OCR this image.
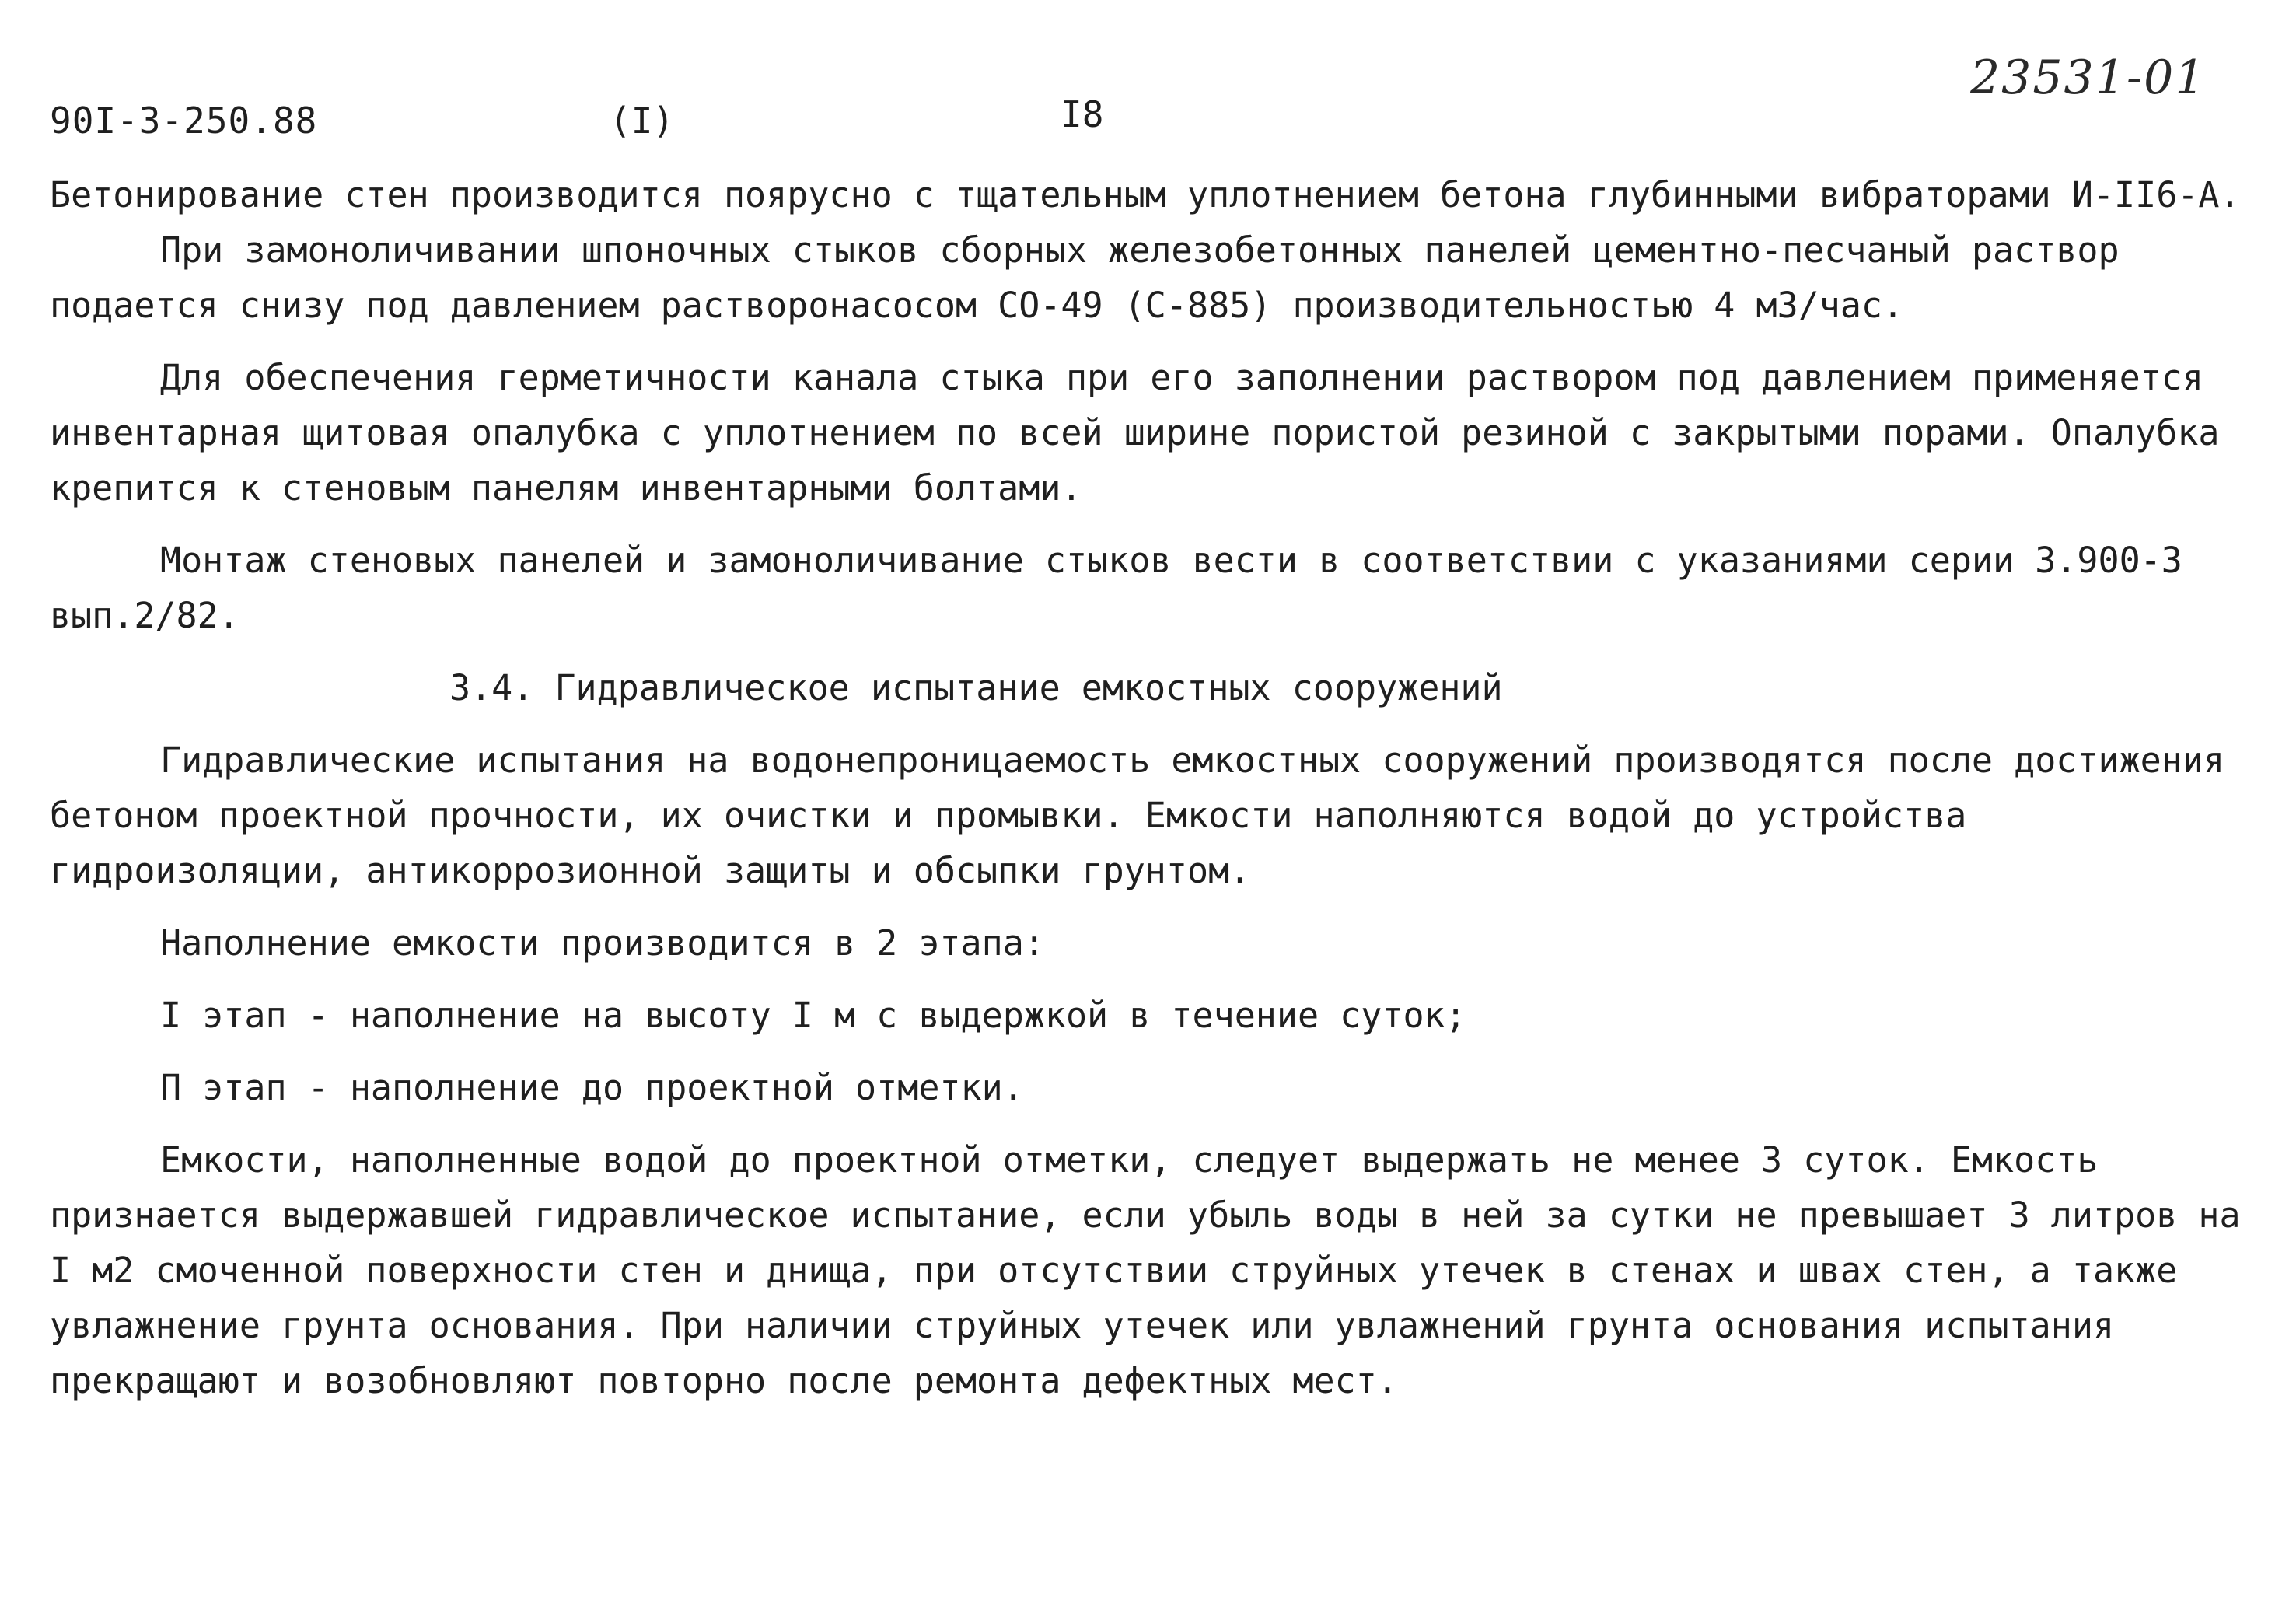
90I-3-250.88	(I)	I8
23531-01

Бетонирование стен производится поярусно с тщательным уплотнением бетона глубинными вибраторами И-II6-А.

При замоноличивании шпоночных стыков сборных железобетонных панелей цементно-песчаный раствор подается снизу под давлением растворонасосом СО-49 (С-885) производительностью 4 м3/час.

Для обеспечения герметичности канала стыка при его заполнении раствором под давлением применяется инвентарная щитовая опалубка с уплотнением по всей ширине пористой резиной с закрытыми порами. Опалубка крепится к стеновым панелям инвентарными болтами.

Монтаж стеновых панелей и замоноличивание стыков вести в соответствии с указаниями серии 3.900-3 вып.2/82.

3.4. Гидравлическое испытание емкостных сооружений

Гидравлические испытания на водонепроницаемость емкостных сооружений производятся после достижения бетоном проектной прочности, их очистки и промывки. Емкости наполняются водой до устройства гидроизоляции, антикоррозионной защиты и обсыпки грунтом.

Наполнение емкости производится в 2 этапа:

I этап - наполнение на высоту I м с выдержкой в течение суток;

П этап - наполнение до проектной отметки.

Емкости, наполненные водой до проектной отметки, следует выдержать не менее 3 суток. Емкость признается выдержавшей гидравлическое испытание, если убыль воды в ней за сутки не превышает 3 литров на I м2 смоченной поверхности стен и днища, при отсутствии струйных утечек в стенах и швах стен, а также увлажнение грунта основания. При наличии струйных утечек или увлажнений грунта основания испытания прекращают и возобновляют повторно после ремонта дефектных мест.
